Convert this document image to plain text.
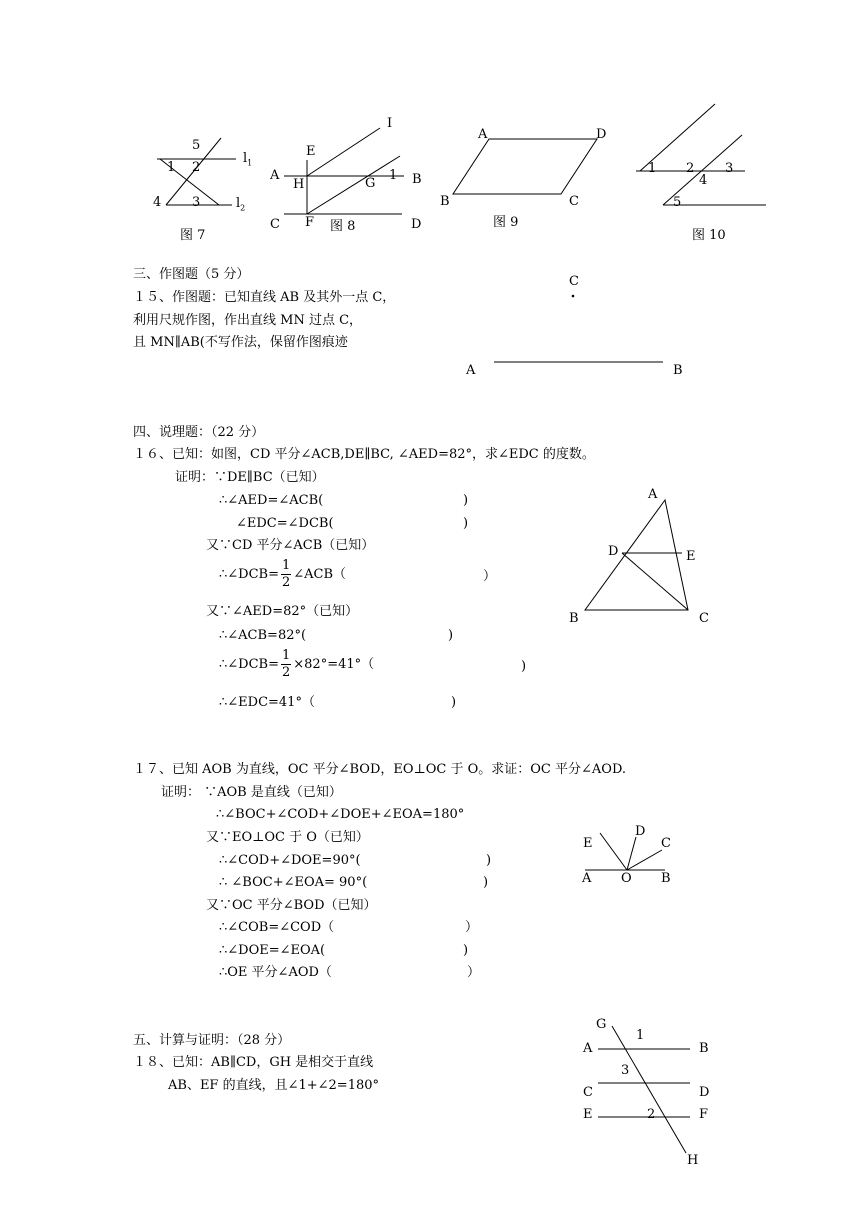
5
1 2
4 3
$l_1$
$l_2$
图 7
E
I
A
H	G
1 B
C F 图 8	D
A	D
B	C
图 9
1 2 3
4
5
图 10
三、作图题（5 分）
１５、作图题：已知直线 AB 及其外一点 C，
利用尺规作图，作出直线 MN 过点 C，
且 MN∥AB(不写作法，保留作图痕迹
C
A	B
四、说理题：（22 分）
１６、已知：如图，CD 平分∠ACB,DE∥BC, ∠AED=82°，求∠EDC 的度数。
证明：∵DE∥BC（已知）
∴∠AED=∠ACB(	)
∠EDC=∠DCB(	)
又∵CD 平分∠ACB（已知）
∴∠DCB= $\frac{1}{2}$ ∠ACB（	）
又∵∠AED=82°（已知）
∴∠ACB=82°(	)
∴∠DCB= $\frac{1}{2} \times 82^\circ=41^\circ$（	)
∴∠EDC=41°（	)
A
D	E
B	C
１７、已知 AOB 为直线，OC 平分∠BOD，EO⊥OC 于 O。求证：OC 平分∠AOD.
证明： ∵AOB 是直线（已知）
∴∠BOC+∠COD+∠DOE+∠EOA=180°
又∵EO⊥OC 于 O（已知）
∴∠COD+∠DOE=90°(	)
∴ ∠BOC+∠EOA= 90°(	)
又∵OC 平分∠BOD（已知）
∴∠COB=∠COD（	）
∴∠DOE=∠EOA(	)
∴OE 平分∠AOD（	）
E
D
C
A O B
五、计算与证明：（28 分）
１８、已知：AB∥CD，GH 是相交于直线
AB、EF 的直线，且∠1+∠2=180°
G
1
A	B
3
C	D
E	2	F
H
